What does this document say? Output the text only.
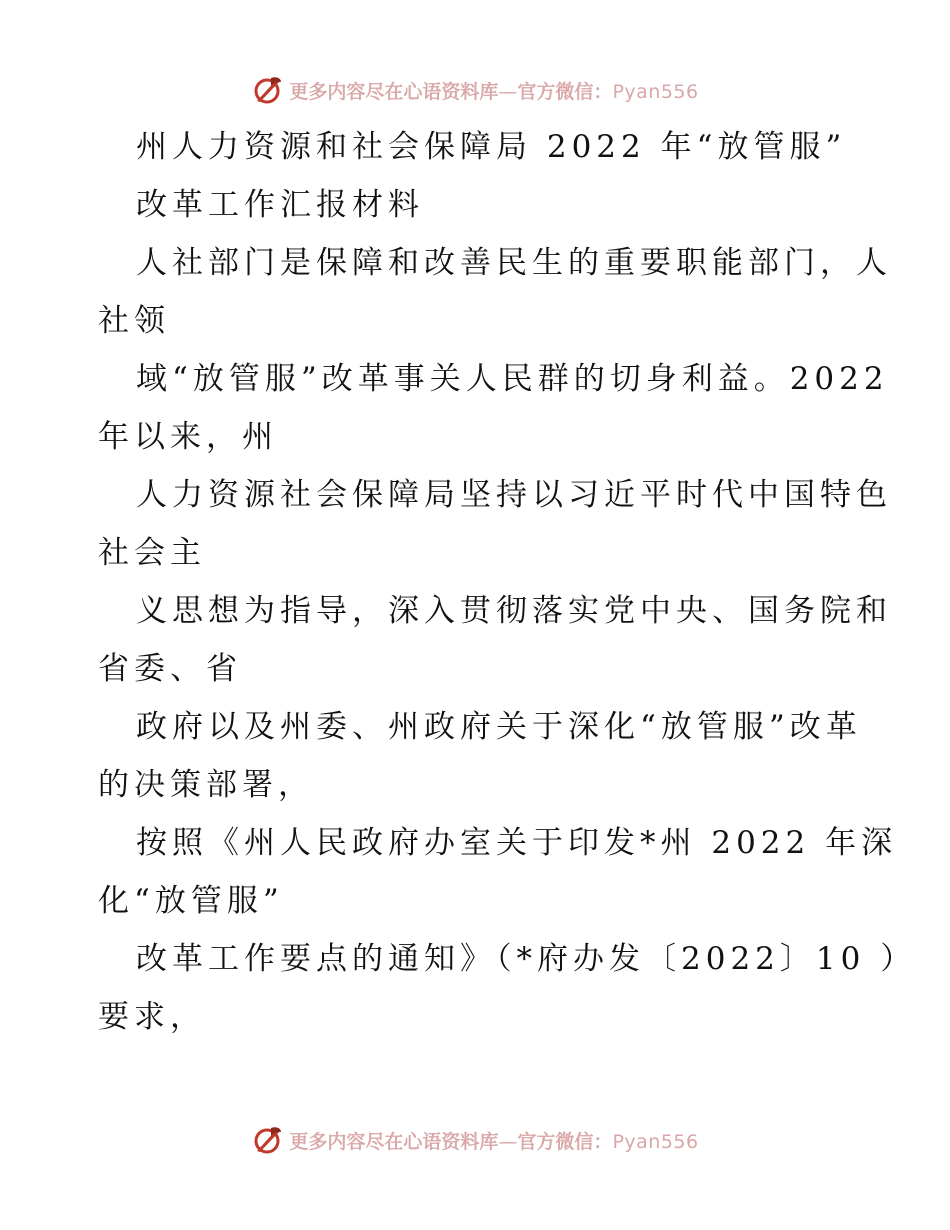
更多内容尽在心语资料库—官方微信：Pyan556
州人力资源和社会保障局 2022 年“放管服”
改革工作汇报材料
人社部门是保障和改善民生的重要职能部门，人
社领
域“放管服”改革事关人民群的切身利益。2022
年以来，州
人力资源社会保障局坚持以习近平时代中国特色
社会主
义思想为指导，深入贯彻落实党中央、国务院和
省委、省
政府以及州委、州政府关于深化“放管服”改革
的决策部署，
按照《州人民政府办室关于印发*州 2022 年深
化“放管服”
改革工作要点的通知》（*府办发〔2022〕10 ）
要求，
更多内容尽在心语资料库—官方微信：Pyan556
